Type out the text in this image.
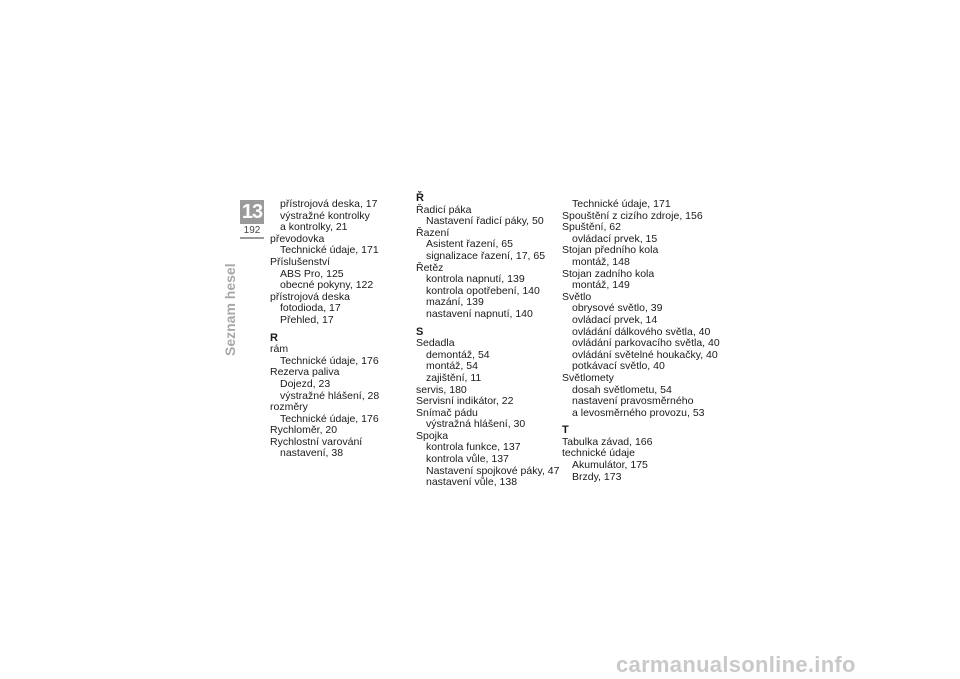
13
192
Seznam hesel
přístrojová deska, 17
výstražné kontrolky
a kontrolky, 21
převodovka
Technické údaje, 171
Příslušenství
ABS Pro, 125
obecné pokyny, 122
přístrojová deska
fotodioda, 17
Přehled, 17
R
rám
Technické údaje, 176
Rezerva paliva
Dojezd, 23
výstražné hlášení, 28
rozměry
Technické údaje, 176
Rychloměr, 20
Rychlostní varování
nastavení, 38
Ř
Řadicí páka
Nastavení řadicí páky, 50
Řazení
Asistent řazení, 65
signalizace řazení, 17, 65
Řetěz
kontrola napnutí, 139
kontrola opotřebení, 140
mazání, 139
nastavení napnutí, 140
S
Sedadla
demontáž, 54
montáž, 54
zajištění, 11
servis, 180
Servisní indikátor, 22
Snímač pádu
výstražná hlášení, 30
Spojka
kontrola funkce, 137
kontrola vůle, 137
Nastavení spojkové páky, 47
nastavení vůle, 138
Technické údaje, 171
Spouštění z cizího zdroje, 156
Spuštění, 62
ovládací prvek, 15
Stojan předního kola
montáž, 148
Stojan zadního kola
montáž, 149
Světlo
obrysové světlo, 39
ovládací prvek, 14
ovládání dálkového světla, 40
ovládání parkovacího světla, 40
ovládání světelné houkačky, 40
potkávací světlo, 40
Světlomety
dosah světlometu, 54
nastavení pravosměrného
a levosměrného provozu, 53
T
Tabulka závad, 166
technické údaje
Akumulátor, 175
Brzdy, 173
carmanualsonline.info
